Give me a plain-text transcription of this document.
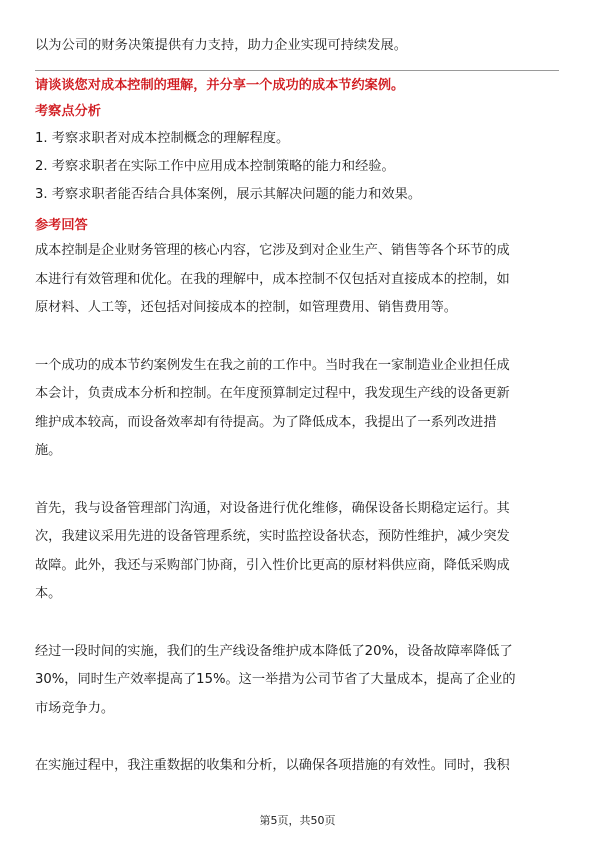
以为公司的财务决策提供有力支持，助力企业实现可持续发展。

请谈谈您对成本控制的理解，并分享一个成功的成本节约案例。

考察点分析

1. 考察求职者对成本控制概念的理解程度。

2. 考察求职者在实际工作中应用成本控制策略的能力和经验。

3. 考察求职者能否结合具体案例，展示其解决问题的能力和效果。

参考回答

成本控制是企业财务管理的核心内容，它涉及到对企业生产、销售等各个环节的成
本进行有效管理和优化。在我的理解中，成本控制不仅包括对直接成本的控制，如
原材料、人工等，还包括对间接成本的控制，如管理费用、销售费用等。
一个成功的成本节约案例发生在我之前的工作中。当时我在一家制造业企业担任成
本会计，负责成本分析和控制。在年度预算制定过程中，我发现生产线的设备更新
维护成本较高，而设备效率却有待提高。为了降低成本，我提出了一系列改进措
施。
首先，我与设备管理部门沟通，对设备进行优化维修，确保设备长期稳定运行。其
次，我建议采用先进的设备管理系统，实时监控设备状态，预防性维护，减少突发
故障。此外，我还与采购部门协商，引入性价比更高的原材料供应商，降低采购成
本。
经过一段时间的实施，我们的生产线设备维护成本降低了20%，设备故障率降低了
30%，同时生产效率提高了15%。这一举措为公司节省了大量成本，提高了企业的
市场竞争力。
在实施过程中，我注重数据的收集和分析，以确保各项措施的有效性。同时，我积
第5页，共50页
